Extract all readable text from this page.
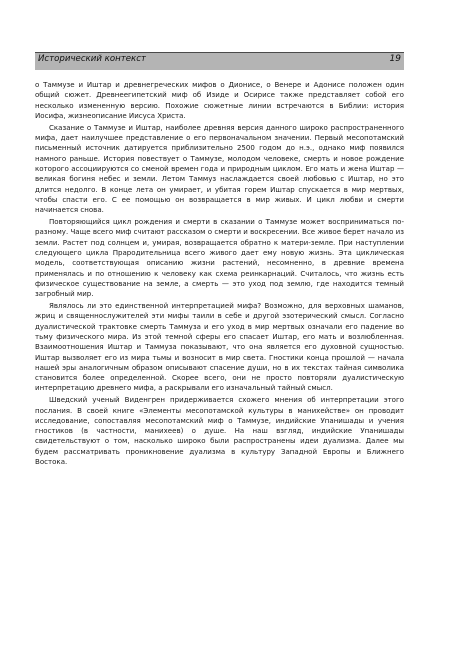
Исторический контекст	19

о Таммузе и Иштар и древнегреческих мифов о Дионисе, о Венере и Адонисе положен один общий сюжет. Древнеегипетский миф об Изиде и Осирисе также представляет собой его несколько измененную версию. Похожие сюжетные линии встречаются в Библии: история Иосифа, жизнеописание Иисуса Христа.

Сказание о Таммузе и Иштар, наиболее древняя версия данного широко распространенного мифа, дает наилучшее представление о его первоначальном значении. Первый месопотамский письменный источник датируется приблизительно 2500 годом до н.э., однако миф появился намного раньше. История повествует о Таммузе, молодом человеке, смерть и новое рождение которого ассоциируются со сменой времен года и природным циклом. Его мать и жена Иштар — великая богиня небес и земли. Летом Таммуз наслаждается своей любовью с Иштар, но это длится недолго. В конце лета он умирает, и убитая горем Иштар спускается в мир мертвых, чтобы спасти его. С ее помощью он возвращается в мир живых. И цикл любви и смерти начинается снова.

Повторяющийся цикл рождения и смерти в сказании о Таммузе может восприниматься по-разному. Чаще всего миф считают рассказом о смерти и воскресении. Все живое берет начало из земли. Растет под солнцем и, умирая, возвращается обратно к матери-земле. При наступлении следующего цикла Прародительница всего живого дает ему новую жизнь. Эта циклическая модель, соответствующая описанию жизни растений, несомненно, в древние времена применялась и по отношению к человеку как схема реинкарнаций. Считалось, что жизнь есть физическое существование на земле, а смерть — это уход под землю, где находится темный загробный мир.

Являлось ли это единственной интерпретацией мифа? Возможно, для верховных шаманов, жриц и священнослужителей эти мифы таили в себе и другой эзотерический смысл. Согласно дуалистической трактовке смерть Таммуза и его уход в мир мертвых означали его падение во тьму физического мира. Из этой темной сферы его спасает Иштар, его мать и возлюбленная. Взаимоотношения Иштар и Таммуза показывают, что она является его духовной сущностью. Иштар вызволяет его из мира тьмы и возносит в мир света. Гностики конца прошлой — начала нашей эры аналогичным образом описывают спасение души, но в их текстах тайная символика становится более определенной. Скорее всего, они не просто повторяли дуалистическую интерпретацию древнего мифа, а раскрывали его изначальный тайный смысл.

Шведский ученый Виденгрен придерживается схожего мнения об интерпретации этого послания. В своей книге «Элементы месопотамской культуры в манихействе» он проводит исследование, сопоставляя месопотамский миф о Таммузе, индийские Упанишады и учения гностиков (в частности, манихеев) о душе. На наш взгляд, индийские Упанишады свидетельствуют о том, насколько широко были распространены идеи дуализма. Далее мы будем рассматривать проникновение дуализма в культуру Западной Европы и Ближнего Востока.
